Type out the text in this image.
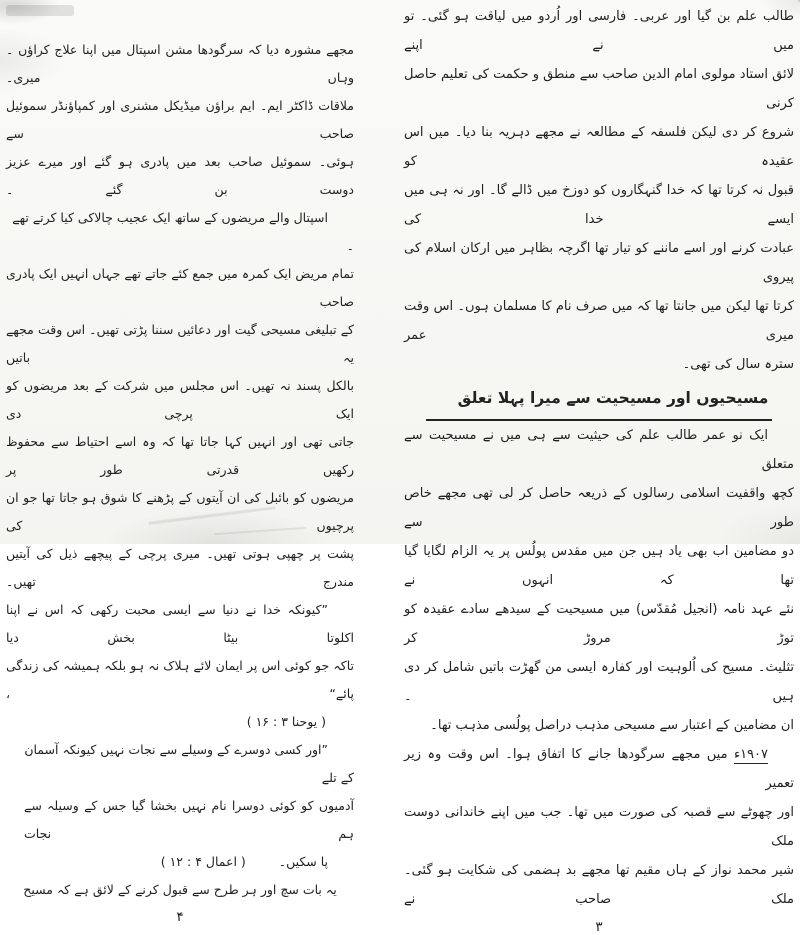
طالب علم بن گیا اور عربی۔ فارسی اور اُردو میں لیاقت ہو گئی۔ تو میں نے اپنے

لائق استاد مولوی امام الدین صاحب سے منطق و حکمت کی تعلیم حاصل کرنی

شروع کر دی لیکن فلسفہ کے مطالعہ نے مجھے دہریہ بنا دیا۔ میں اس عقیدہ کو

قبول نہ کرتا تھا کہ خدا گنہگاروں کو دوزخ میں ڈالے گا۔ اور نہ ہی میں ایسے خدا کی

عبادت کرنے اور اسے ماننے کو تیار تھا اگرچہ بظاہر میں ارکان اسلام کی پیروی

کرتا تھا لیکن میں جانتا تھا کہ میں صرف نام کا مسلمان ہوں۔ اس وقت میری عمر

سترہ سال کی تھی۔

مسیحیوں اور مسیحیت سے میرا پہلا تعلق

ایک نو عمر طالب علم کی حیثیت سے ہی میں نے مسیحیت سے متعلق

کچھ واقفیت اسلامی رسالوں کے ذریعہ حاصل کر لی تھی مجھے خاص طور سے

دو مضامین اب بھی یاد ہیں جن میں مقدس پولُس پر یہ الزام لگایا گیا تھا کہ انہوں نے

نئے عہد نامہ (انجیل مُقدّس) میں مسیحیت کے سیدھے سادے عقیدہ کو توڑ مروڑ کر

تثلیث۔ مسیح کی اُلوہیت اور کفارہ ایسی من گھڑت باتیں شامل کر دی ہیں ۔

ان مضامین کے اعتبار سے مسیحی مذہب دراصل پولُسی مذہب تھا۔

۱۹۰۷ء میں مجھے سرگودھا جانے کا اتفاق ہوا۔ اس وقت وہ زیر تعمیر

اور چھوٹے سے قصبہ کی صورت میں تھا۔ جب میں اپنے خاندانی دوست ملک

شیر محمد نواز کے ہاں مقیم تھا مجھے بد ہضمی کی شکایت ہو گئی۔ ملک صاحب نے

۳

مجھے مشورہ دیا کہ سرگودھا مشن اسپتال میں اپنا علاج کراؤں ۔ وہاں میری۔

ملاقات ڈاکٹر ایم۔ ایم براؤن میڈیکل مشنری اور کمپاؤنڈر سموئیل صاحب سے

ہوئی۔ سموئیل صاحب بعد میں پادری ہو گئے اور میرے عزیز دوست بن گئے ۔

اسپتال والے مریضوں کے ساتھ ایک عجیب چالاکی کیا کرتے تھے ۔

تمام مریض ایک کمرہ میں جمع کئے جاتے تھے جہاں انہیں ایک پادری صاحب

کے تبلیغی مسیحی گیت اور دعائیں سننا پڑتی تھیں۔ اس وقت مجھے یہ باتیں

بالکل پسند نہ تھیں۔ اس مجلس میں شرکت کے بعد مریضوں کو ایک پرچی دی

جاتی تھی اور انہیں کہا جاتا تھا کہ وہ اسے احتیاط سے محفوظ رکھیں قدرتی طور پر

مریضوں کو بائبل کی ان آیتوں کے پڑھنے کا شوق ہو جاتا تھا جو ان پرچیوں کی

پشت پر چھپی ہوتی تھیں۔ میری پرچی کے پیچھے ذیل کی آیتیں مندرج تھیں۔

”کیونکہ خدا نے دنیا سے ایسی محبت رکھی کہ اس نے اپنا اکلوتا بیٹا بخش دیا

تاکہ جو کوئی اس پر ایمان لائے ہلاک نہ ہو بلکہ ہمیشہ کی زندگی پائے“ ،

( یوحنا ۳ : ۱۶ )

”اور کسی دوسرے کے وسیلے سے نجات نہیں کیونکہ آسمان کے تلے

آدمیوں کو کوئی دوسرا نام نہیں بخشا گیا جس کے وسیلہ سے ہم نجات

پا سکیں۔    ( اعمال ۴ : ۱۲ )

یہ بات سچ اور ہر طرح سے قبول کرنے کے لائق ہے کہ مسیح

۴
